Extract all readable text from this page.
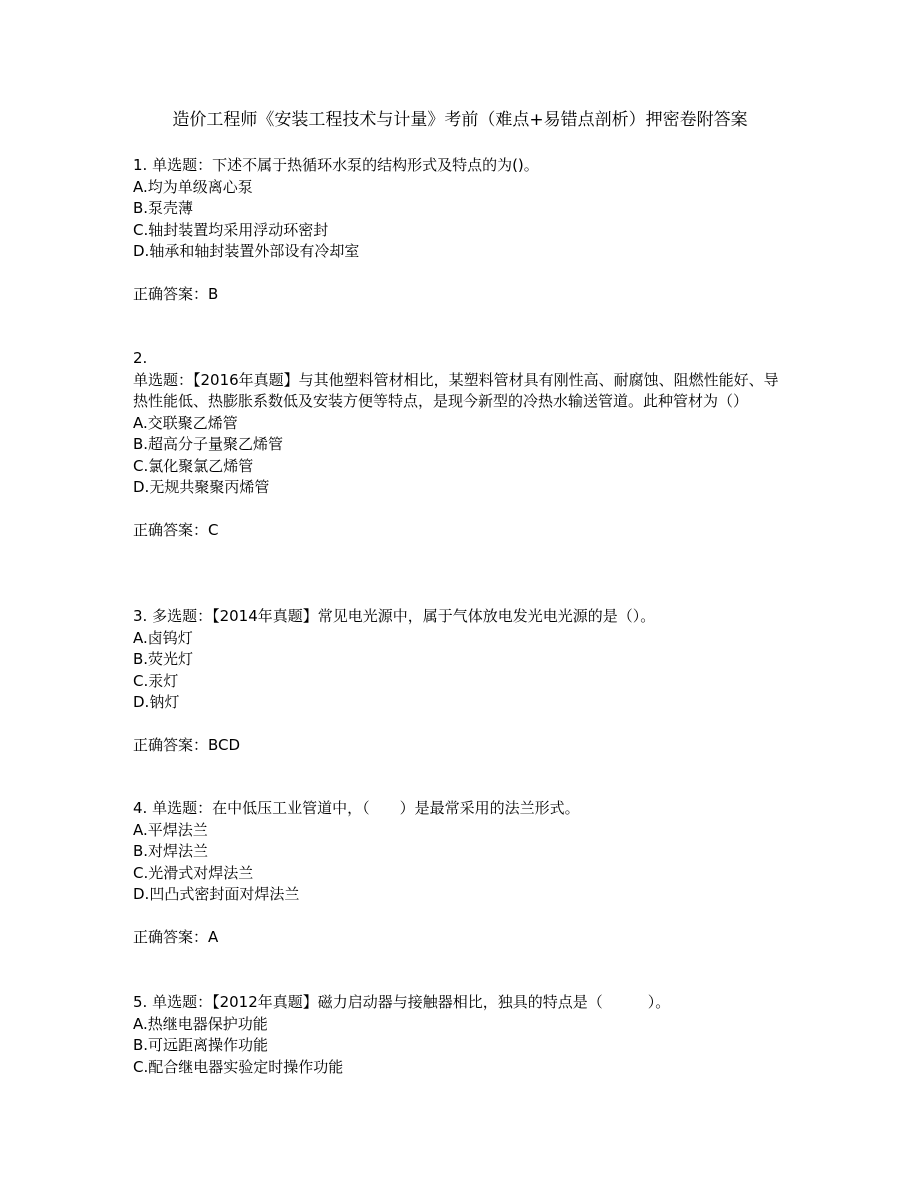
造价工程师《安装工程技术与计量》考前（难点+易错点剖析）押密卷附答案
1. 单选题：下述不属于热循环水泵的结构形式及特点的为()。
A.均为单级离心泵
B.泵壳薄
C.轴封装置均采用浮动环密封
D.轴承和轴封装置外部设有冷却室
正确答案：B
2.
单选题：【2016年真题】与其他塑料管材相比，某塑料管材具有刚性高、耐腐蚀、阻燃性能好、导热性能低、热膨胀系数低及安装方便等特点，是现今新型的冷热水输送管道。此种管材为（）
A.交联聚乙烯管
B.超高分子量聚乙烯管
C.氯化聚氯乙烯管
D.无规共聚聚丙烯管
正确答案：C
3. 多选题：【2014年真题】常见电光源中，属于气体放电发光电光源的是（）。
A.卤钨灯
B.荧光灯
C.汞灯
D.钠灯
正确答案：BCD
4. 单选题：在中低压工业管道中，（　　）是最常采用的法兰形式。
A.平焊法兰
B.对焊法兰
C.光滑式对焊法兰
D.凹凸式密封面对焊法兰
正确答案：A
5. 单选题：【2012年真题】磁力启动器与接触器相比，独具的特点是（　　　）。
A.热继电器保护功能
B.可远距离操作功能
C.配合继电器实验定时操作功能
